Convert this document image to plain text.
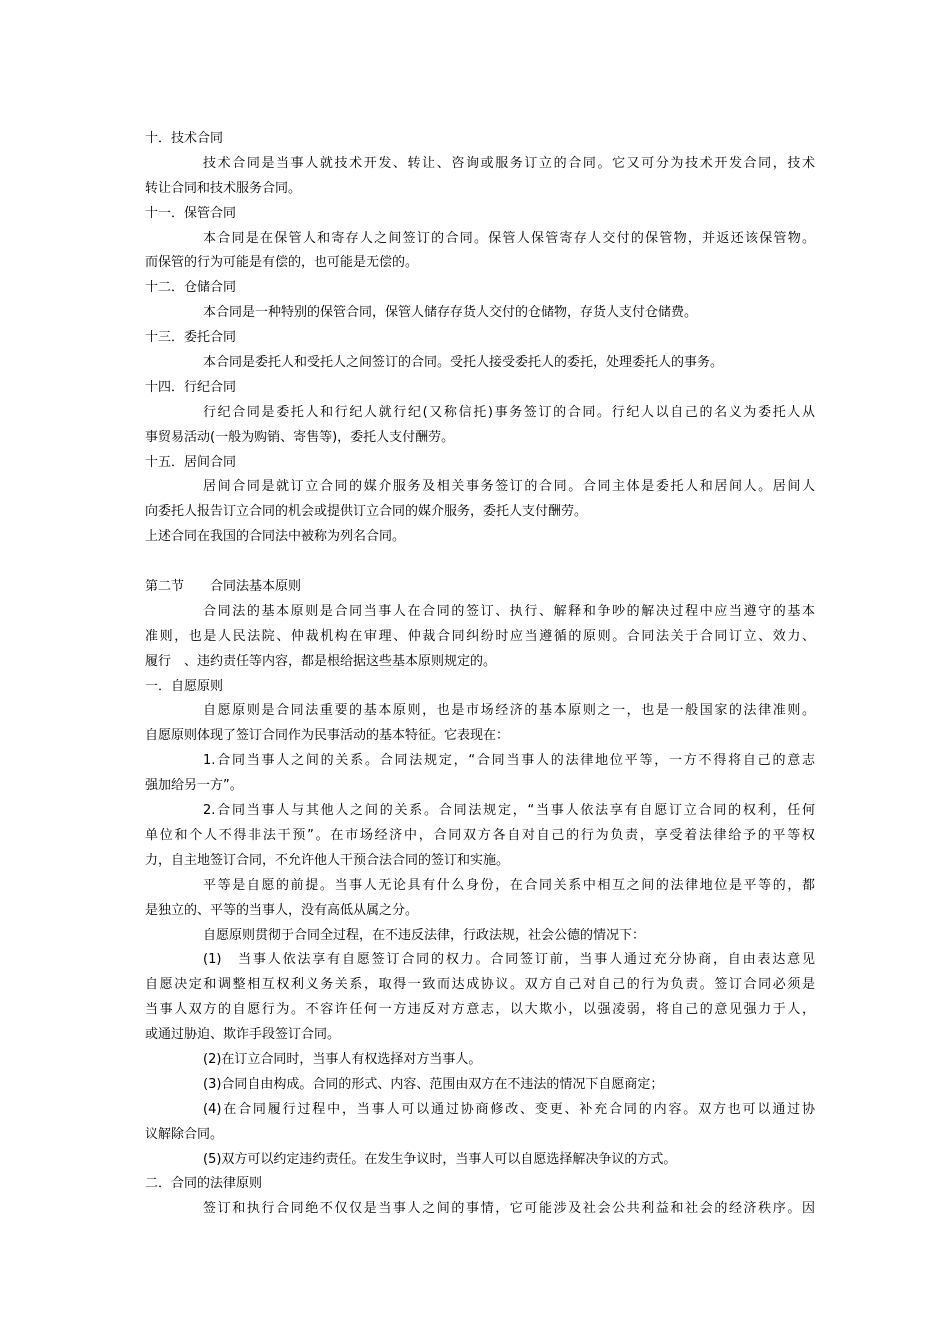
十．技术合同
技术合同是当事人就技术开发、转让、咨询或服务订立的合同。它又可分为技术开发合同，技术
转让合同和技术服务合同。
十一．保管合同
本合同是在保管人和寄存人之间签订的合同。保管人保管寄存人交付的保管物，并返还该保管物。
而保管的行为可能是有偿的，也可能是无偿的。
十二．仓储合同
本合同是一种特别的保管合同，保管人储存存货人交付的仓储物，存货人支付仓储费。
十三．委托合同
本合同是委托人和受托人之间签订的合同。受托人接受委托人的委托，处理委托人的事务。
十四．行纪合同
行纪合同是委托人和行纪人就行纪(又称信托)事务签订的合同。行纪人以自己的名义为委托人从
事贸易活动(一般为购销、寄售等)，委托人支付酬劳。
十五．居间合同
居间合同是就订立合同的媒介服务及相关事务签订的合同。合同主体是委托人和居间人。居间人
向委托人报告订立合同的机会或提供订立合同的媒介服务，委托人支付酬劳。
上述合同在我国的合同法中被称为列名合同。
第二节　　合同法基本原则
合同法的基本原则是合同当事人在合同的签订、执行、解释和争吵的解决过程中应当遵守的基本
准则，也是人民法院、仲裁机构在审理、仲裁合同纠纷时应当遵循的原则。合同法关于合同订立、效力、
履行　、违约责任等内容，都是根给据这些基本原则规定的。
一．自愿原则
自愿原则是合同法重要的基本原则，也是市场经济的基本原则之一，也是一般国家的法律准则。
自愿原则体现了签订合同作为民事活动的基本特征。它表现在：
1.合同当事人之间的关系。合同法规定，“合同当事人的法律地位平等，一方不得将自己的意志
强加给另一方”。
2.合同当事人与其他人之间的关系。合同法规定，“当事人依法享有自愿订立合同的权利，任何
单位和个人不得非法干预”。在市场经济中，合同双方各自对自己的行为负责，享受着法律给予的平等权
力，自主地签订合同，不允许他人干预合法合同的签订和实施。
平等是自愿的前提。当事人无论具有什么身份，在合同关系中相互之间的法律地位是平等的，都
是独立的、平等的当事人，没有高低从属之分。
自愿原则贯彻于合同全过程，在不违反法律，行政法规，社会公德的情况下：
(1)　当事人依法享有自愿签订合同的权力。合同签订前，当事人通过充分协商，自由表达意见
自愿决定和调整相互权利义务关系，取得一致而达成协议。双方自己对自己的行为负责。签订合同必须是
当事人双方的自愿行为。不容许任何一方违反对方意志，以大欺小，以强凌弱，将自己的意见强力于人，
或通过胁迫、欺诈手段签订合同。
(2)在订立合同时，当事人有权选择对方当事人。
(3)合同自由构成。合同的形式、内容、范围由双方在不违法的情况下自愿商定；
(4)在合同履行过程中，当事人可以通过协商修改、变更、补充合同的内容。双方也可以通过协
议解除合同。
(5)双方可以约定违约责任。在发生争议时，当事人可以自愿选择解决争议的方式。
二．合同的法律原则
签订和执行合同绝不仅仅是当事人之间的事情，它可能涉及社会公共利益和社会的经济秩序。因
